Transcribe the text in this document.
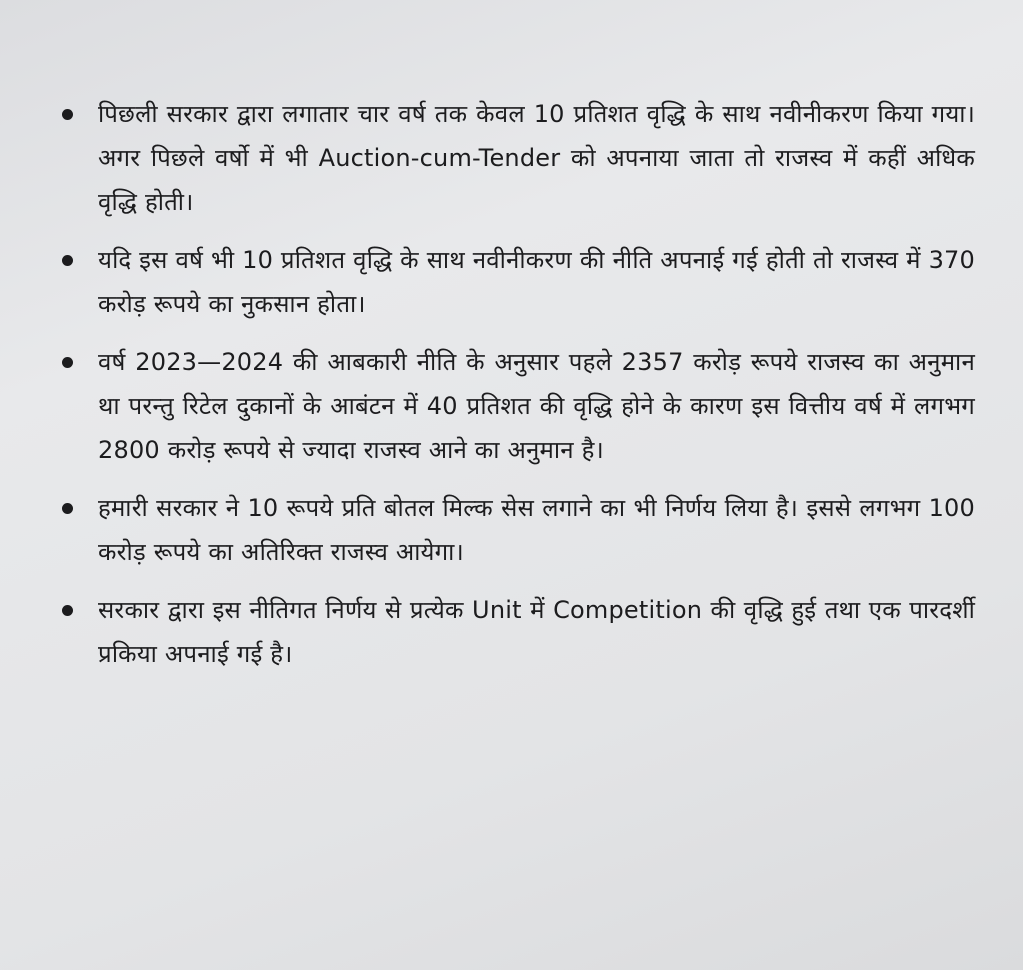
पिछली सरकार द्वारा लगातार चार वर्ष तक केवल 10 प्रतिशत वृद्धि के साथ नवीनीकरण किया गया। अगर पिछले वर्षो में भी Auction-cum-Tender को अपनाया जाता तो राजस्व में कहीं अधिक वृद्धि होती।
यदि इस वर्ष भी 10 प्रतिशत वृद्धि के साथ नवीनीकरण की नीति अपनाई गई होती तो राजस्व में 370 करोड़ रूपये का नुकसान होता।
वर्ष 2023—2024 की आबकारी नीति के अनुसार पहले 2357 करोड़ रूपये राजस्व का अनुमान था परन्तु रिटेल दुकानों के आबंटन में 40 प्रतिशत की वृद्धि होने के कारण इस वित्तीय वर्ष में लगभग 2800 करोड़ रूपये से ज्यादा राजस्व आने का अनुमान है।
हमारी सरकार ने 10 रूपये प्रति बोतल मिल्क सेस लगाने का भी निर्णय लिया है। इससे लगभग 100 करोड़ रूपये का अतिरिक्त राजस्व आयेगा।
सरकार द्वारा इस नीतिगत निर्णय से प्रत्येक Unit में Competition की वृद्धि हुई तथा एक पारदर्शी प्रकिया अपनाई गई है।
